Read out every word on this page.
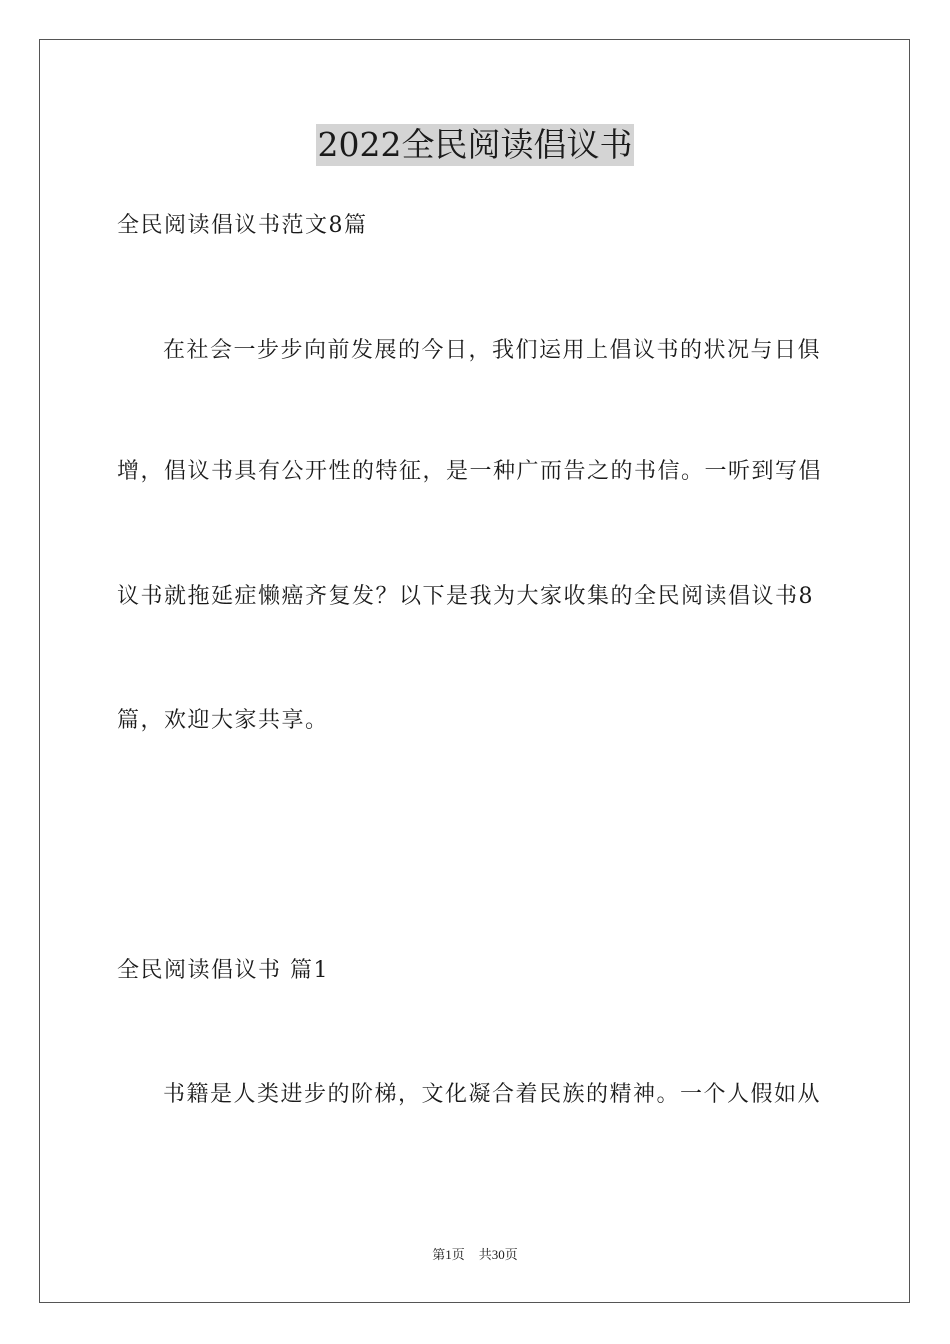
2022全民阅读倡议书
全民阅读倡议书范文8篇
在社会一步步向前发展的今日，我们运用上倡议书的状况与日俱
增，倡议书具有公开性的特征，是一种广而告之的书信。一听到写倡
议书就拖延症懒癌齐复发？以下是我为大家收集的全民阅读倡议书8
篇，欢迎大家共享。
全民阅读倡议书 篇1
书籍是人类进步的阶梯，文化凝合着民族的精神。一个人假如从
第1页 共30页
